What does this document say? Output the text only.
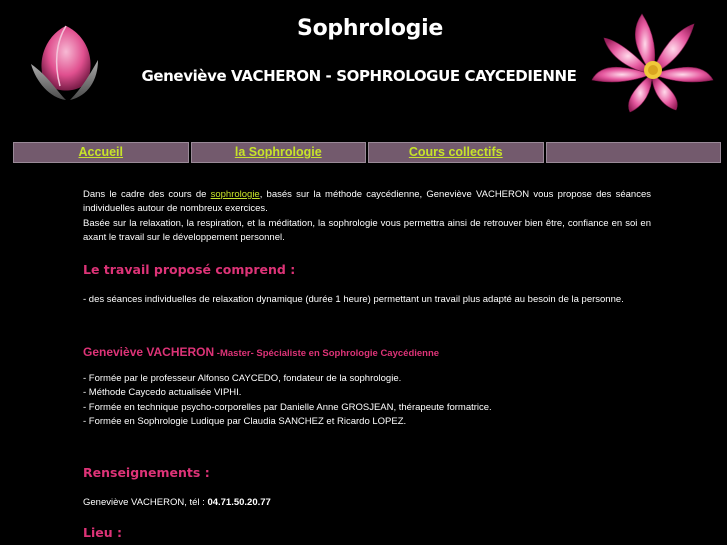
Sophrologie
Geneviève VACHERON - SOPHROLOGUE CAYCEDIENNE
Accueil	la Sophrologie	Cours collectifs

Dans le cadre des cours de sophrologie, basés sur la méthode caycédienne, Geneviève VACHERON vous propose des séances individuelles autour de nombreux exercices.

Basée sur la relaxation, la respiration, et la méditation, la sophrologie vous permettra ainsi de retrouver bien être, confiance en soi en axant le travail sur le développement personnel.

Le travail proposé comprend :
- des séances individuelles de relaxation dynamique (durée 1 heure) permettant un travail plus adapté au besoin de la personne.
Geneviève VACHERON -Master- Spécialiste en Sophrologie Caycédienne
- Formée par le professeur Alfonso CAYCEDO, fondateur de la sophrologie.
- Méthode Caycedo actualisée VIPHI.
- Formée en technique psycho-corporelles par Danielle Anne GROSJEAN, thérapeute formatrice.
- Formée en Sophrologie Ludique par Claudia SANCHEZ et Ricardo LOPEZ.
Renseignements :
Geneviève VACHERON, tél : 04.71.50.20.77
Lieu :
